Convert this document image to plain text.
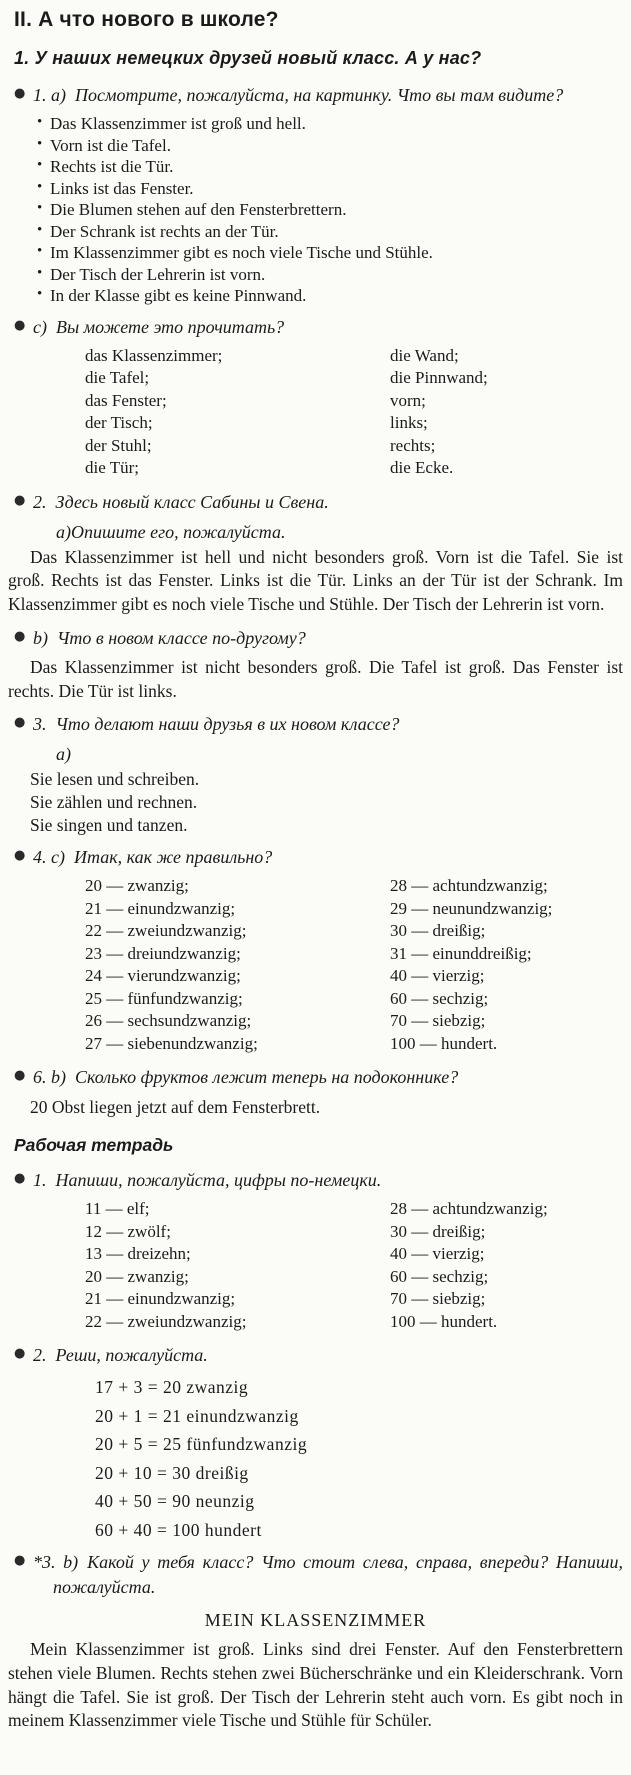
II. А что нового в школе?
1. У наших немецких друзей новый класс. А у нас?
● 1. a) Посмотрите, пожалуйста, на картинку. Что вы там видите?

• Das Klassenzimmer ist groß und hell.
• Vorn ist die Tafel.
• Rechts ist die Tür.
• Links ist das Fenster.
• Die Blumen stehen auf den Fensterbrettern.
• Der Schrank ist rechts an der Tür.
• Im Klassenzimmer gibt es noch viele Tische und Stühle.
• Der Tisch der Lehrerin ist vorn.
• In der Klasse gibt es keine Pinnwand.
● c) Вы можете это прочитать?

das Klassenzimmer;
die Tafel;
das Fenster;
der Tisch;
der Stuhl;
die Tür;
die Wand;
die Pinnwand;
vorn;
links;
rechts;
die Ecke.
● 2. Здесь новый класс Сабины и Свена.

a)Опишите его, пожалуйста.

Das Klassenzimmer ist hell und nicht besonders groß. Vorn ist die Tafel. Sie ist groß. Rechts ist das Fenster. Links ist die Tür. Links an der Tür ist der Schrank. Im Klassenzimmer gibt es noch viele Tische und Stühle. Der Tisch der Lehrerin ist vorn.

● b) Что в новом классе по-другому?

Das Klassenzimmer ist nicht besonders groß. Die Tafel ist groß. Das Fenster ist rechts. Die Tür ist links.

● 3. Что делают наши друзья в их новом классе?

a)

Sie lesen und schreiben.
Sie zählen und rechnen.
Sie singen und tanzen.
● 4. c) Итак, как же правильно?

20 — zwanzig;
21 — einundzwanzig;
22 — zweiundzwanzig;
23 — dreiundzwanzig;
24 — vierundzwanzig;
25 — fünfundzwanzig;
26 — sechsundzwanzig;
27 — siebenundzwanzig;
28 — achtundzwanzig;
29 — neunundzwanzig;
30 — dreißig;
31 — einunddreißig;
40 — vierzig;
60 — sechzig;
70 — siebzig;
100 — hundert.
● 6. b) Сколько фруктов лежит теперь на подоконнике?

20 Obst liegen jetzt auf dem Fensterbrett.

Рабочая тетрадь
● 1. Напиши, пожалуйста, цифры по-немецки.

11 — elf;
12 — zwölf;
13 — dreizehn;
20 — zwanzig;
21 — einundzwanzig;
22 — zweiundzwanzig;
28 — achtundzwanzig;
30 — dreißig;
40 — vierzig;
60 — sechzig;
70 — siebzig;
100 — hundert.
● 2. Реши, пожалуйста.

17 + 3 = 20 zwanzig
20 + 1 = 21 einundzwanzig
20 + 5 = 25 fünfundzwanzig
20 + 10 = 30 dreißig
40 + 50 = 90 neunzig
60 + 40 = 100 hundert
● *3. b) Какой у тебя класс? Что стоит слева, справа, впереди? Напиши, пожалуйста.

MEIN KLASSENZIMMER

Mein Klassenzimmer ist groß. Links sind drei Fenster. Auf den Fensterbrettern stehen viele Blumen. Rechts stehen zwei Bücherschränke und ein Kleiderschrank. Vorn hängt die Tafel. Sie ist groß. Der Tisch der Lehrerin steht auch vorn. Es gibt noch in meinem Klassenzimmer viele Tische und Stühle für Schüler.
